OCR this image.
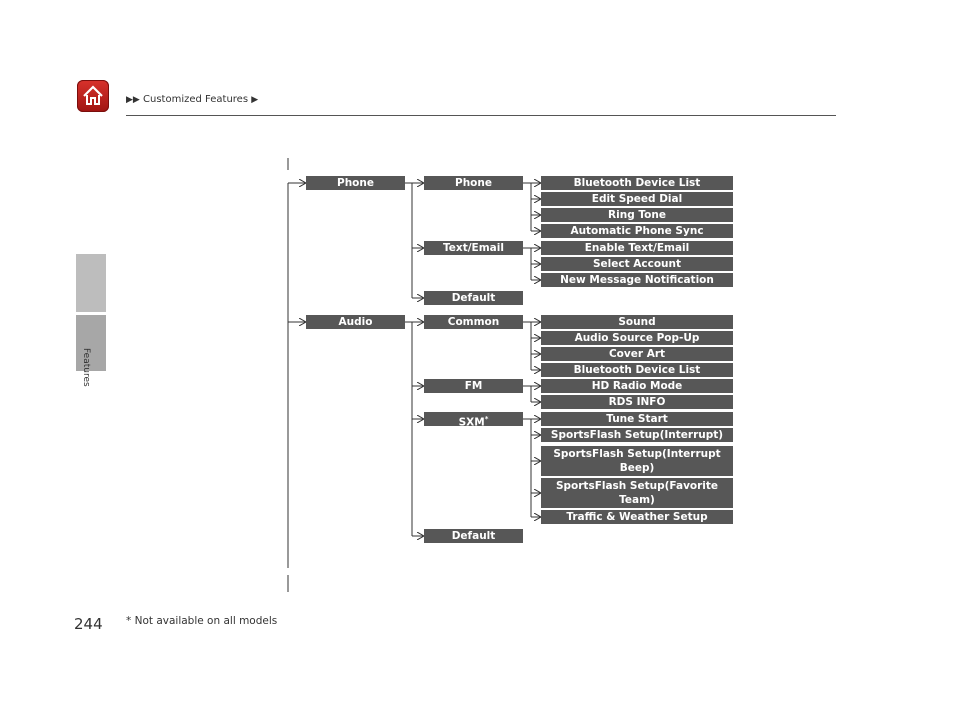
▶▶ Customized Features ▶
Features
Phone
Audio
Phone
Text/Email
Default
Bluetooth Device List
Edit Speed Dial
Ring Tone
Automatic Phone Sync
Enable Text/Email
Select Account
New Message Notification
Common
FM
SXM*
Default
Sound
Audio Source Pop-Up
Cover Art
Bluetooth Device List
HD Radio Mode
RDS INFO
Tune Start
SportsFlash Setup(Interrupt)
SportsFlash Setup(Interrupt Beep)
SportsFlash Setup(Favorite Team)
Traffic & Weather Setup
244 * Not available on all models
